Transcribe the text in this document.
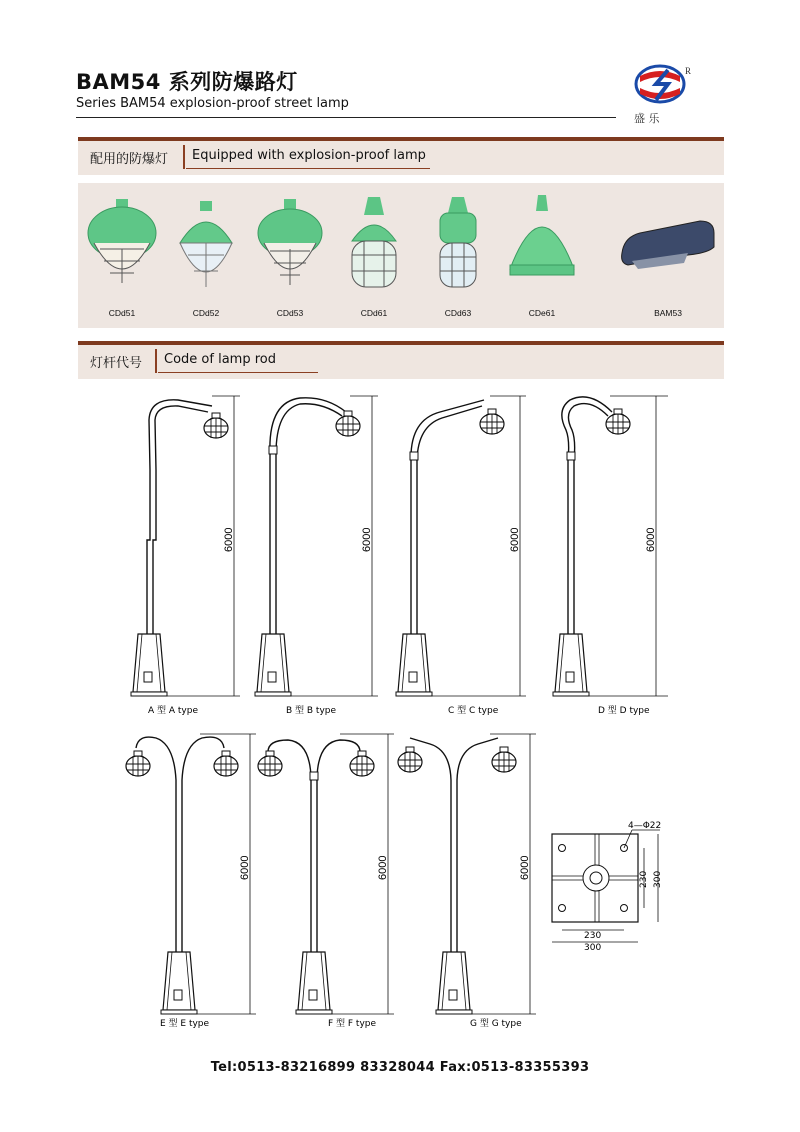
BAM54 系列防爆路灯
Series BAM54 explosion-proof street lamp
R
盛 乐
配用的防爆灯 Equipped with explosion-proof lamp
CDd51	CDd52	CDd53	CDd61	CDd63	CDe61	BAM53
灯杆代号 Code of lamp rod
6000	6000	6000	6000
6000	6000	6000
A 型 A type	B 型 B type	C 型 C type	D 型 D type
E 型 E type	F 型 F type	G 型 G type
4—Φ22
230
300
230 300
Tel:0513-83216899 83328044 Fax:0513-83355393
